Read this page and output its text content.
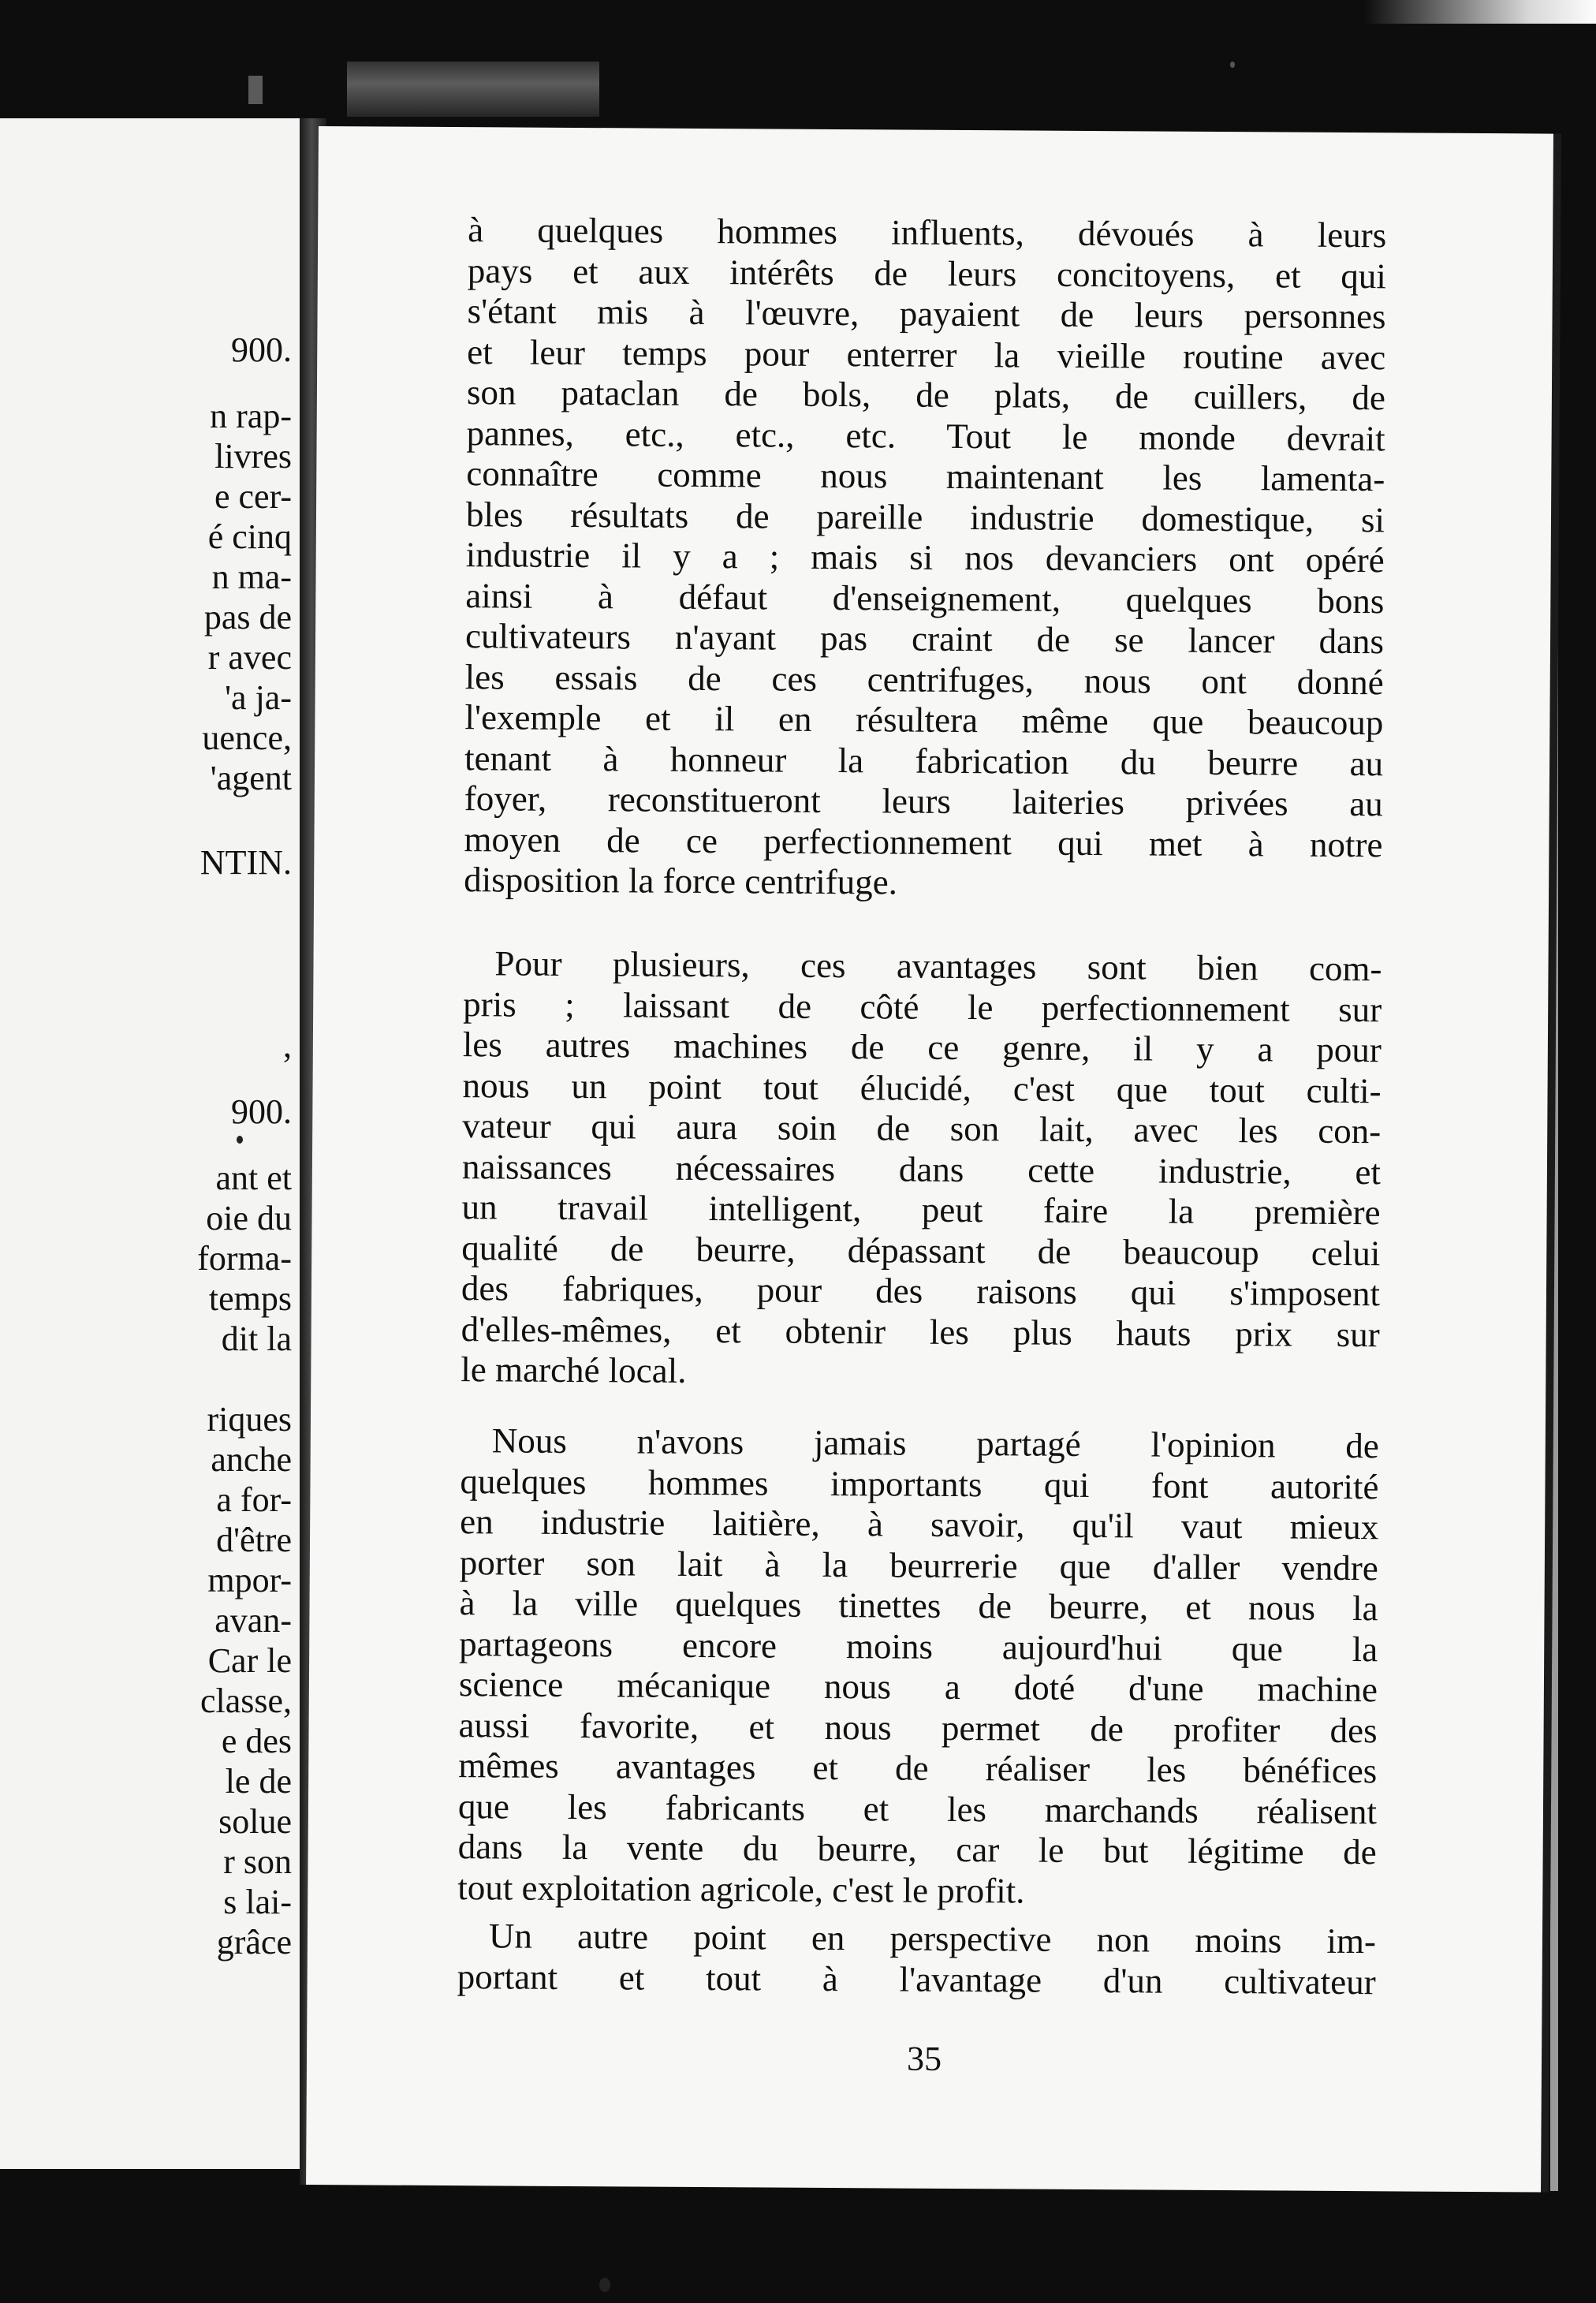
900.
n rap-
livres
e cer-
é cinq
n ma-
pas de
r avec
'a ja-
uence,
'agent
NTIN.
,
900.
ant et
oie du
forma-
temps
dit la
riques
anche
a for-
d'être
mpor-
avan-
Car le
classe,
e des
le de
solue
r son
s lai-
grâce
à quelques hommes influents, dévoués à leurs
pays et aux intérêts de leurs concitoyens, et qui
s'étant mis à l'œuvre, payaient de leurs personnes
et leur temps pour enterrer la vieille routine avec
son pataclan de bols, de plats, de cuillers, de
pannes, etc., etc., etc. Tout le monde devrait
connaître comme nous maintenant les lamenta-
bles résultats de pareille industrie domestique, si
industrie il y a ; mais si nos devanciers ont opéré
ainsi à défaut d'enseignement, quelques bons
cultivateurs n'ayant pas craint de se lancer dans
les essais de ces centrifuges, nous ont donné
l'exemple et il en résultera même que beaucoup
tenant à honneur la fabrication du beurre au
foyer, reconstitueront leurs laiteries privées au
moyen de ce perfectionnement qui met à notre
disposition la force centrifuge.
Pour plusieurs, ces avantages sont bien com-
pris ; laissant de côté le perfectionnement sur
les autres machines de ce genre, il y a pour
nous un point tout élucidé, c'est que tout culti-
vateur qui aura soin de son lait, avec les con-
naissances nécessaires dans cette industrie, et
un travail intelligent, peut faire la première
qualité de beurre, dépassant de beaucoup celui
des fabriques, pour des raisons qui s'imposent
d'elles-mêmes, et obtenir les plus hauts prix sur
le marché local.
Nous n'avons jamais partagé l'opinion de
quelques hommes importants qui font autorité
en industrie laitière, à savoir, qu'il vaut mieux
porter son lait à la beurrerie que d'aller vendre
à la ville quelques tinettes de beurre, et nous la
partageons encore moins aujourd'hui que la
science mécanique nous a doté d'une machine
aussi favorite, et nous permet de profiter des
mêmes avantages et de réaliser les bénéfices
que les fabricants et les marchands réalisent
dans la vente du beurre, car le but légitime de
tout exploitation agricole, c'est le profit.
Un autre point en perspective non moins im-
portant et tout à l'avantage d'un cultivateur
35
